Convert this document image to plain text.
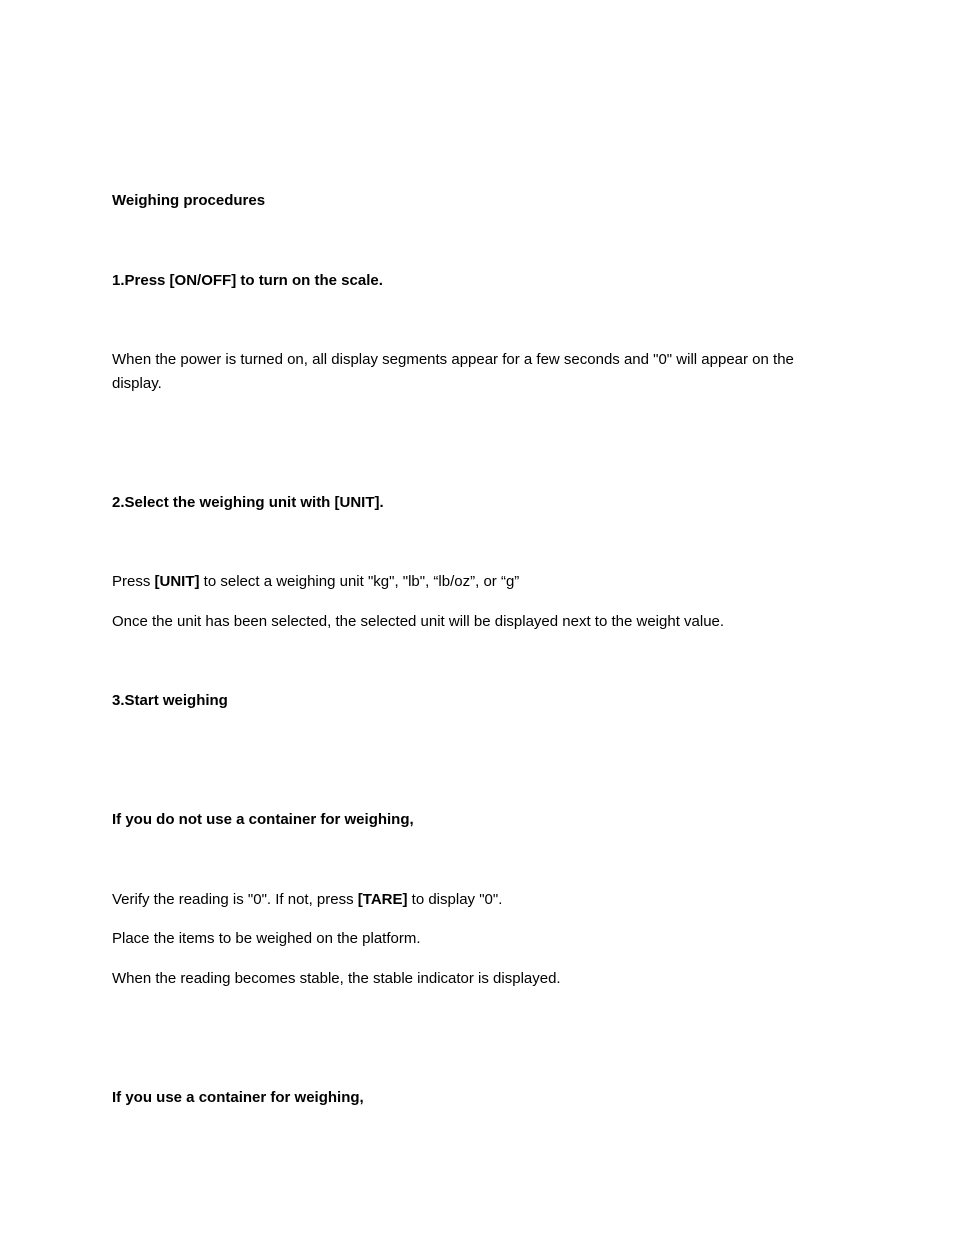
Weighing procedures

1.Press [ON/OFF] to turn on the scale.

When the power is turned on, all display segments appear for a few seconds and "0" will appear on the display.

2.Select the weighing unit with [UNIT].

Press [UNIT] to select a weighing unit "kg", "lb", “lb/oz”, or “g”

Once the unit has been selected, the selected unit will be displayed next to the weight value.

3.Start weighing

If you do not use a container for weighing,

Verify the reading is "0". If not, press [TARE] to display "0".

Place the items to be weighed on the platform.

When the reading becomes stable, the stable indicator is displayed.

If you use a container for weighing,
